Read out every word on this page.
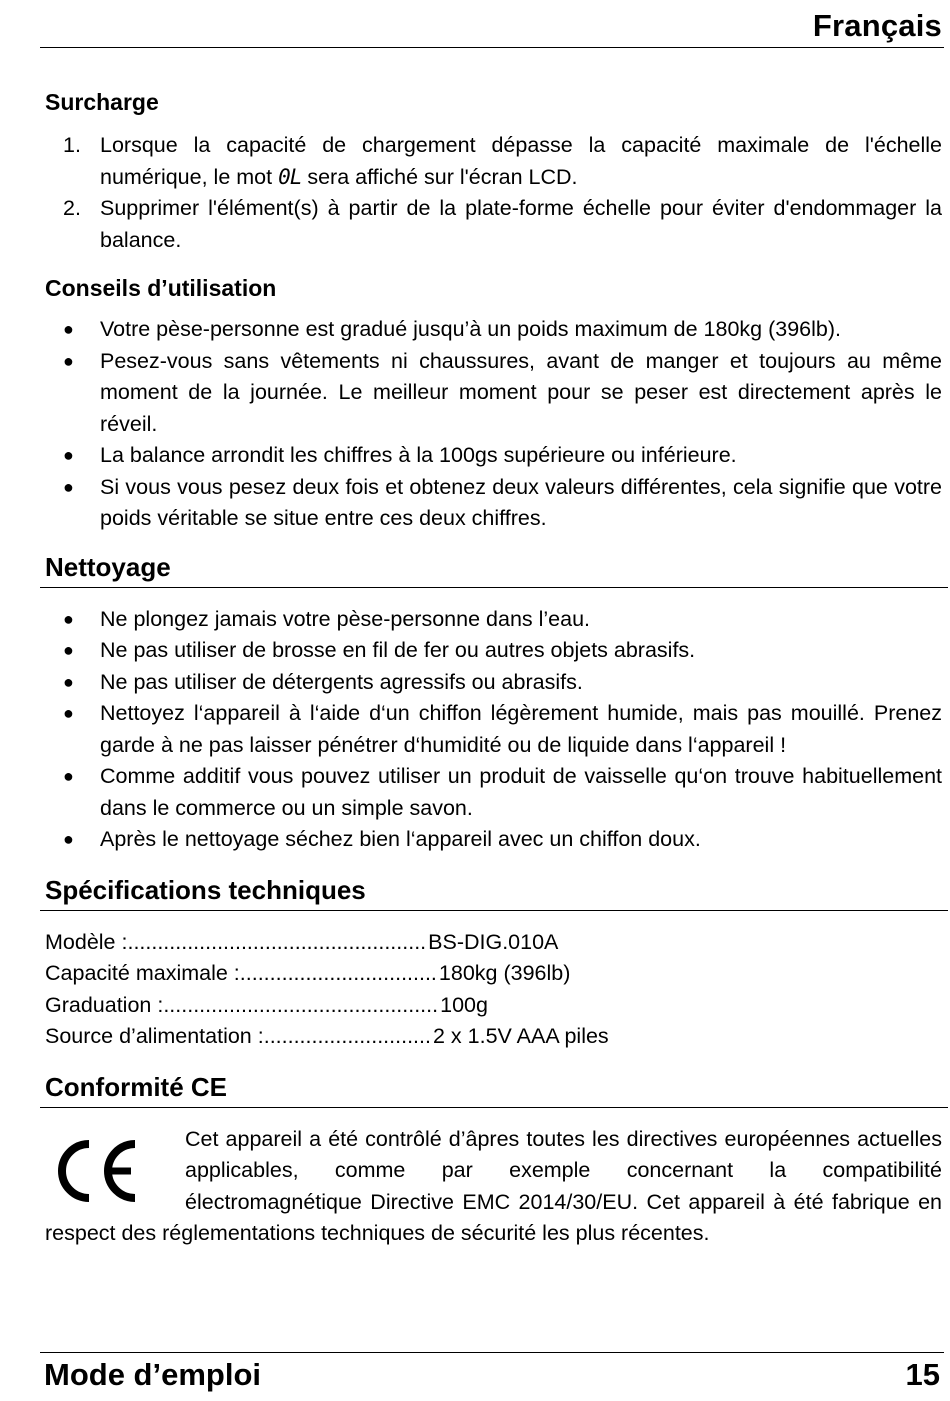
Français
Surcharge
1. Lorsque la capacité de chargement dépasse la capacité maximale de l'échelle numérique, le mot 0L sera affiché sur l'écran LCD.
2. Supprimer l'élément(s) à partir de la plate-forme échelle pour éviter d'endommager la balance.
Conseils d’utilisation
● Votre pèse-personne est gradué jusqu’à un poids maximum de 180kg (396lb).
● Pesez-vous sans vêtements ni chaussures, avant de manger et toujours au même moment de la journée. Le meilleur moment pour se peser est directement après le réveil.
● La balance arrondit les chiffres à la 100gs supérieure ou inférieure.
● Si vous vous pesez deux fois et obtenez deux valeurs différentes, cela signifie que votre poids véritable se situe entre ces deux chiffres.
Nettoyage
● Ne plongez jamais votre pèse-personne dans l’eau.
● Ne pas utiliser de brosse en fil de fer ou autres objets abrasifs.
● Ne pas utiliser de détergents agressifs ou abrasifs.
● Nettoyez l‘appareil à l‘aide d‘un chiffon légèrement humide, mais pas mouillé. Prenez garde à ne pas laisser pénétrer d‘humidité ou de liquide dans l‘appareil !
● Comme additif vous pouvez utiliser un produit de vaisselle qu‘on trouve habituellement dans le commerce ou un simple savon.
● Après le nettoyage séchez bien l‘appareil avec un chiffon doux.
Spécifications techniques
Modèle : .................................................. BS-DIG.010A
Capacité maximale : ................................. 180kg (396lb)
Graduation : .............................................. 100g
Source d’alimentation : ............................ 2 x 1.5V AAA piles
Conformité CE
Cet appareil a été contrôlé d’âpres toutes les directives européennes actuelles applicables, comme par exemple concernant la compatibilité électromagnétique Directive EMC 2014/30/EU. Cet appareil à été fabrique en respect des réglementations techniques de sécurité les plus récentes.
Mode d’emploi	15
